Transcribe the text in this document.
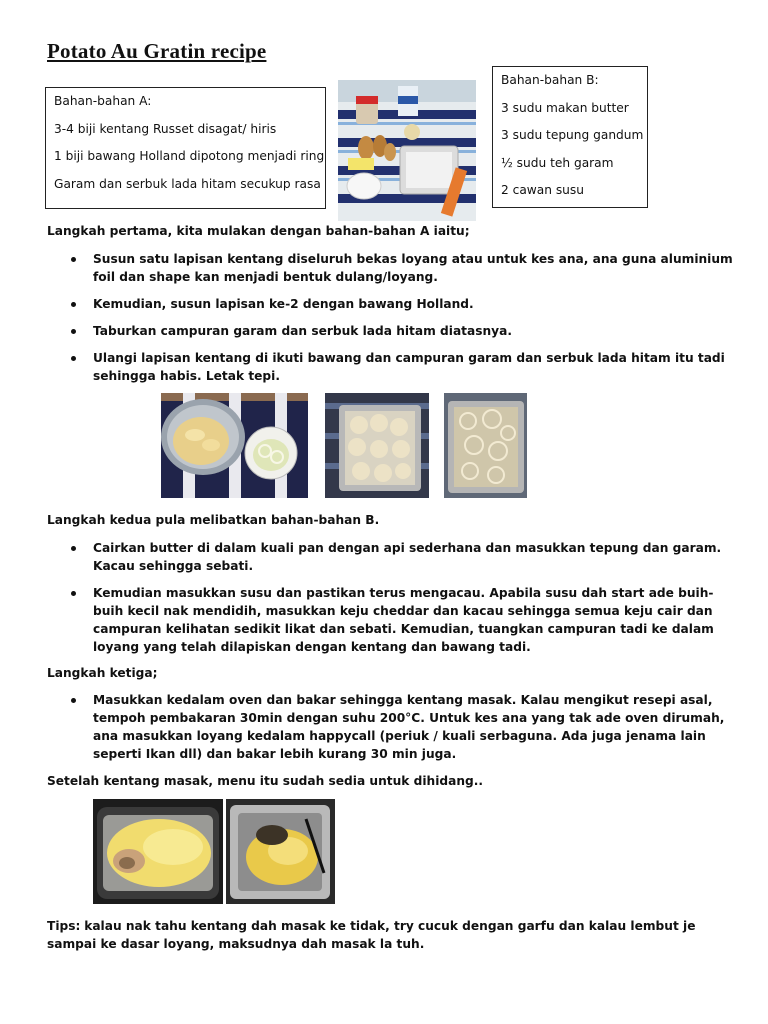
Potato Au Gratin recipe

Bahan-bahan A:

3-4 biji kentang Russet disagat/ hiris

1 biji bawang Holland dipotong menjadi ring

Garam dan serbuk lada hitam secukup rasa

Bahan-bahan B:

3 sudu makan butter

3 sudu tepung gandum

½ sudu teh garam

2 cawan susu

Langkah pertama, kita mulakan dengan bahan-bahan A iaitu;
Susun satu lapisan kentang diseluruh bekas loyang atau untuk kes ana, ana guna aluminium foil dan shape kan menjadi bentuk dulang/loyang.
Kemudian, susun lapisan ke-2 dengan bawang Holland.
Taburkan campuran garam dan serbuk lada hitam diatasnya.
Ulangi lapisan kentang di ikuti bawang dan campuran garam dan serbuk lada hitam itu tadi sehingga habis. Letak tepi.
Langkah kedua pula melibatkan bahan-bahan B.
Cairkan butter di dalam kuali pan dengan api sederhana dan masukkan tepung dan garam. Kacau sehingga sebati.
Kemudian masukkan susu dan pastikan terus mengacau. Apabila susu dah start ade buih-buih kecil nak mendidih, masukkan keju cheddar dan kacau sehingga semua keju cair dan campuran kelihatan sedikit likat dan sebati. Kemudian, tuangkan campuran tadi ke dalam loyang yang telah dilapiskan dengan kentang dan bawang tadi.
Langkah ketiga;
Masukkan kedalam oven dan bakar sehingga kentang masak. Kalau mengikut resepi asal, tempoh pembakaran 30min dengan suhu 200°C. Untuk kes ana yang tak ade oven dirumah, ana masukkan loyang kedalam happycall (periuk / kuali serbaguna. Ada juga jenama lain seperti Ikan dll) dan bakar lebih kurang 30 min juga.
Setelah kentang masak, menu itu sudah sedia untuk dihidang..
Tips: kalau nak tahu kentang dah masak ke tidak, try cucuk dengan garfu dan kalau lembut je sampai ke dasar loyang, maksudnya dah masak la tuh.
